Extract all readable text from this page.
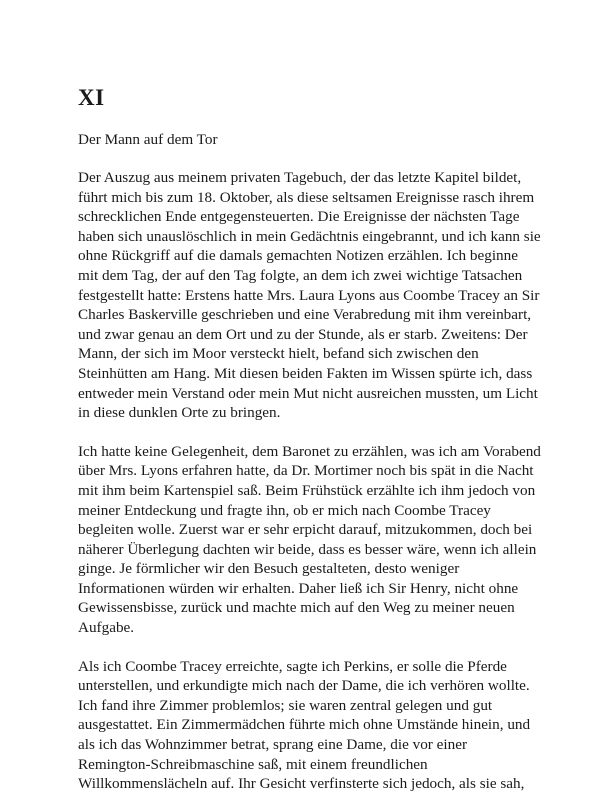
XI
Der Mann auf dem Tor
Der Auszug aus meinem privaten Tagebuch, der das letzte Kapitel bildet,
führt mich bis zum 18. Oktober, als diese seltsamen Ereignisse rasch ihrem
schrecklichen Ende entgegensteuerten. Die Ereignisse der nächsten Tage
haben sich unauslöschlich in mein Gedächtnis eingebrannt, und ich kann sie
ohne Rückgriff auf die damals gemachten Notizen erzählen. Ich beginne
mit dem Tag, der auf den Tag folgte, an dem ich zwei wichtige Tatsachen
festgestellt hatte: Erstens hatte Mrs. Laura Lyons aus Coombe Tracey an Sir
Charles Baskerville geschrieben und eine Verabredung mit ihm vereinbart,
und zwar genau an dem Ort und zu der Stunde, als er starb. Zweitens: Der
Mann, der sich im Moor versteckt hielt, befand sich zwischen den
Steinhütten am Hang. Mit diesen beiden Fakten im Wissen spürte ich, dass
entweder mein Verstand oder mein Mut nicht ausreichen mussten, um Licht
in diese dunklen Orte zu bringen.
Ich hatte keine Gelegenheit, dem Baronet zu erzählen, was ich am Vorabend
über Mrs. Lyons erfahren hatte, da Dr. Mortimer noch bis spät in die Nacht
mit ihm beim Kartenspiel saß. Beim Frühstück erzählte ich ihm jedoch von
meiner Entdeckung und fragte ihn, ob er mich nach Coombe Tracey
begleiten wolle. Zuerst war er sehr erpicht darauf, mitzukommen, doch bei
näherer Überlegung dachten wir beide, dass es besser wäre, wenn ich allein
ginge. Je förmlicher wir den Besuch gestalteten, desto weniger
Informationen würden wir erhalten. Daher ließ ich Sir Henry, nicht ohne
Gewissensbisse, zurück und machte mich auf den Weg zu meiner neuen
Aufgabe.
Als ich Coombe Tracey erreichte, sagte ich Perkins, er solle die Pferde
unterstellen, und erkundigte mich nach der Dame, die ich verhören wollte.
Ich fand ihre Zimmer problemlos; sie waren zentral gelegen und gut
ausgestattet. Ein Zimmermädchen führte mich ohne Umstände hinein, und
als ich das Wohnzimmer betrat, sprang eine Dame, die vor einer
Remington-Schreibmaschine saß, mit einem freundlichen
Willkommenslächeln auf. Ihr Gesicht verfinsterte sich jedoch, als sie sah,
